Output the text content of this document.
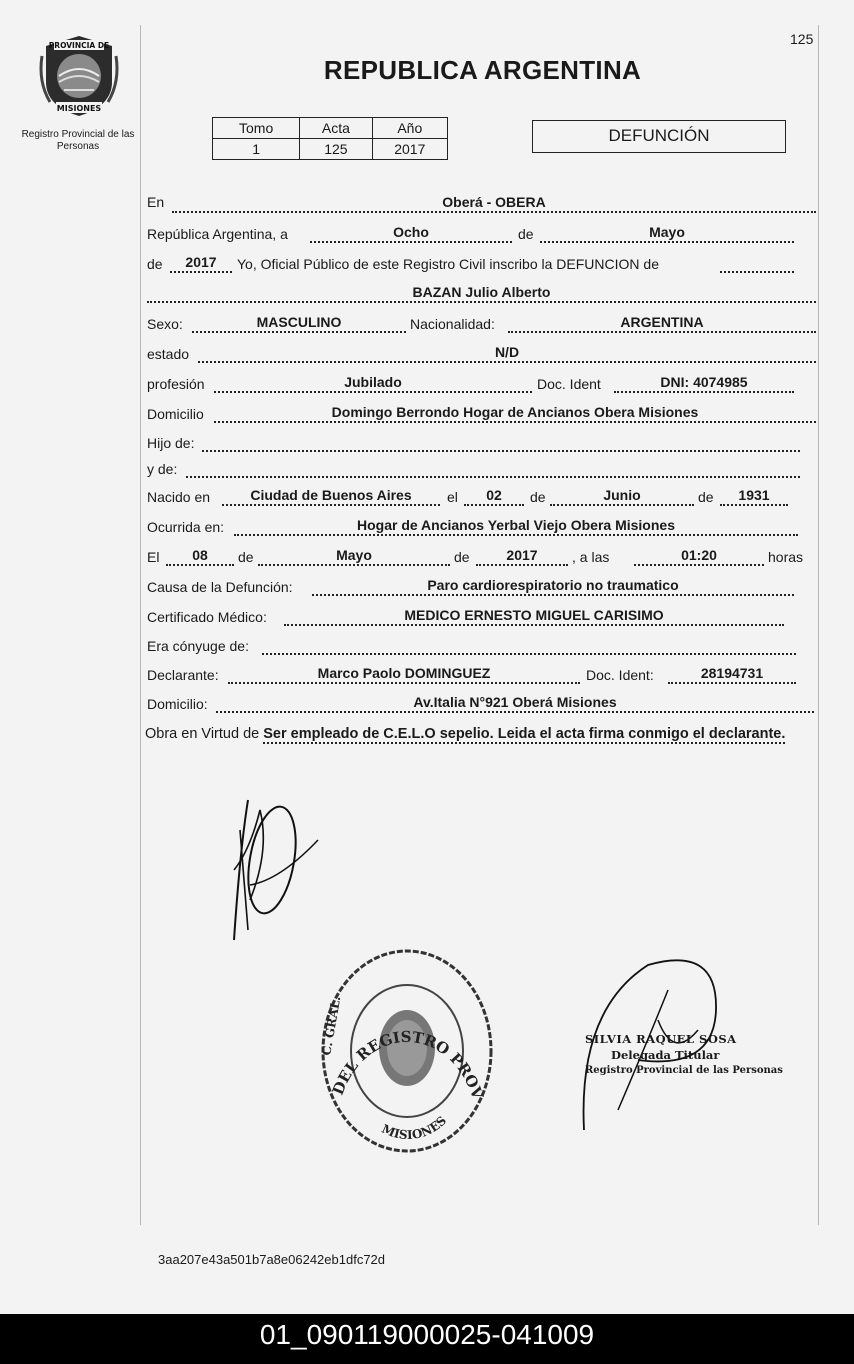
125
PROVINCIA DE
MISIONES
Registro Provincial de las Personas
REPUBLICA ARGENTINA
Tomo	Acta	Año
1	125	2017
DEFUNCIÓN
En	Oberá - OBERA
República Argentina, a	Ocho	de	Mayo
de	2017	Yo, Oficial Público de este Registro Civil inscribo la DEFUNCION de
BAZAN Julio Alberto
Sexo:	MASCULINO	Nacionalidad:	ARGENTINA
estado	N/D
profesión	Jubilado	Doc. Ident	DNI: 4074985
Domicilio	Domingo Berrondo Hogar de Ancianos Obera Misiones
Hijo de:
y de:
Nacido en	Ciudad de Buenos Aires	el	02	de	Junio	de	1931
Ocurrida en:	Hogar de Ancianos Yerbal Viejo Obera Misiones
El	08	de	Mayo	de	2017	, a las	01:20	horas
Causa de la Defunción:	Paro cardiorespiratorio no traumatico
Certificado Médico:	MEDICO ERNESTO MIGUEL CARISIMO
Era cónyuge de:
Declarante:	Marco Paolo DOMINGUEZ	Doc. Ident:	28194731
Domicilio:	Av.Italia N°921 Oberá Misiones
Obra en Virtud de Ser empleado de C.E.L.O sepelio. Leida el acta firma conmigo el declarante.
DEL REGISTRO PROV
MISIONES
C. GRAL.	SILVIA RAQUEL SOSA
Delegada Titular
Registro Provincial de las Personas
3aa207e43a501b7a8e06242eb1dfc72d
01_090119000025-041009
